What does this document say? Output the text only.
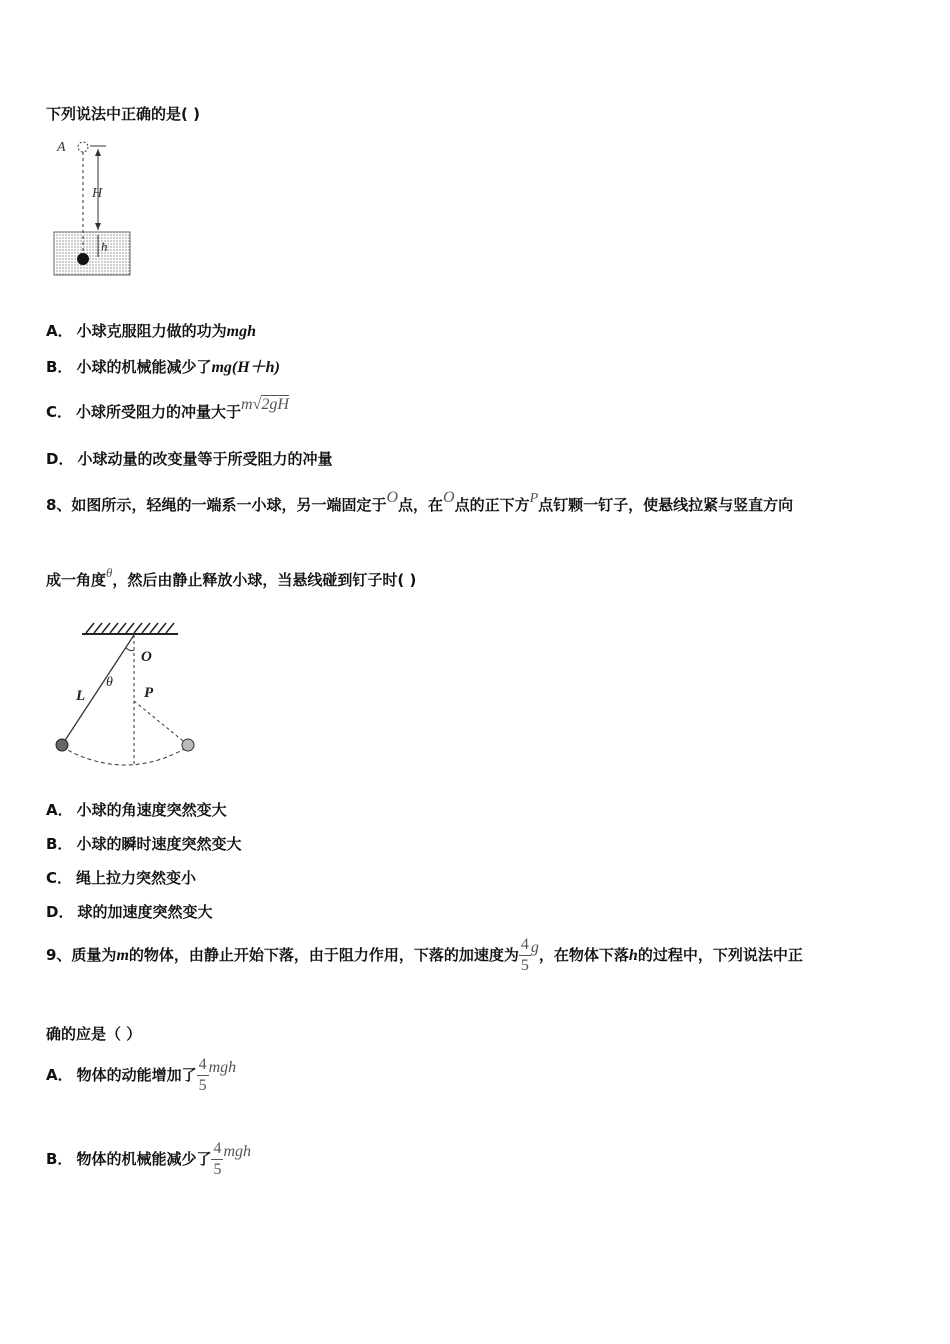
下列说法中正确的是( )
A
H
h
A． 小球克服阻力做的功为mgh
B． 小球的机械能减少了mg(H＋h)
C． 小球所受阻力的冲量大于m√2gH
D． 小球动量的改变量等于所受阻力的冲量
8、如图所示，轻绳的一端系一小球，另一端固定于O点，在O点的正下方P点钉颗一钉子，使悬线拉紧与竖直方向
成一角度θ，然后由静止释放小球，当悬线碰到钉子时( )
O
L
θ
P
A． 小球的角速度突然变大
B． 小球的瞬时速度突然变大
C． 绳上拉力突然变小
D． 球的加速度突然变大
9、质量为m的物体，由静止开始下落，由于阻力作用，下落的加速度为$\frac{4}{5}g$，在物体下落h的过程中，下列说法中正
确的应是（ ）
A． 物体的动能增加了$\frac{4}{5}mgh$
B． 物体的机械能减少了$\frac{4}{5}mgh$
